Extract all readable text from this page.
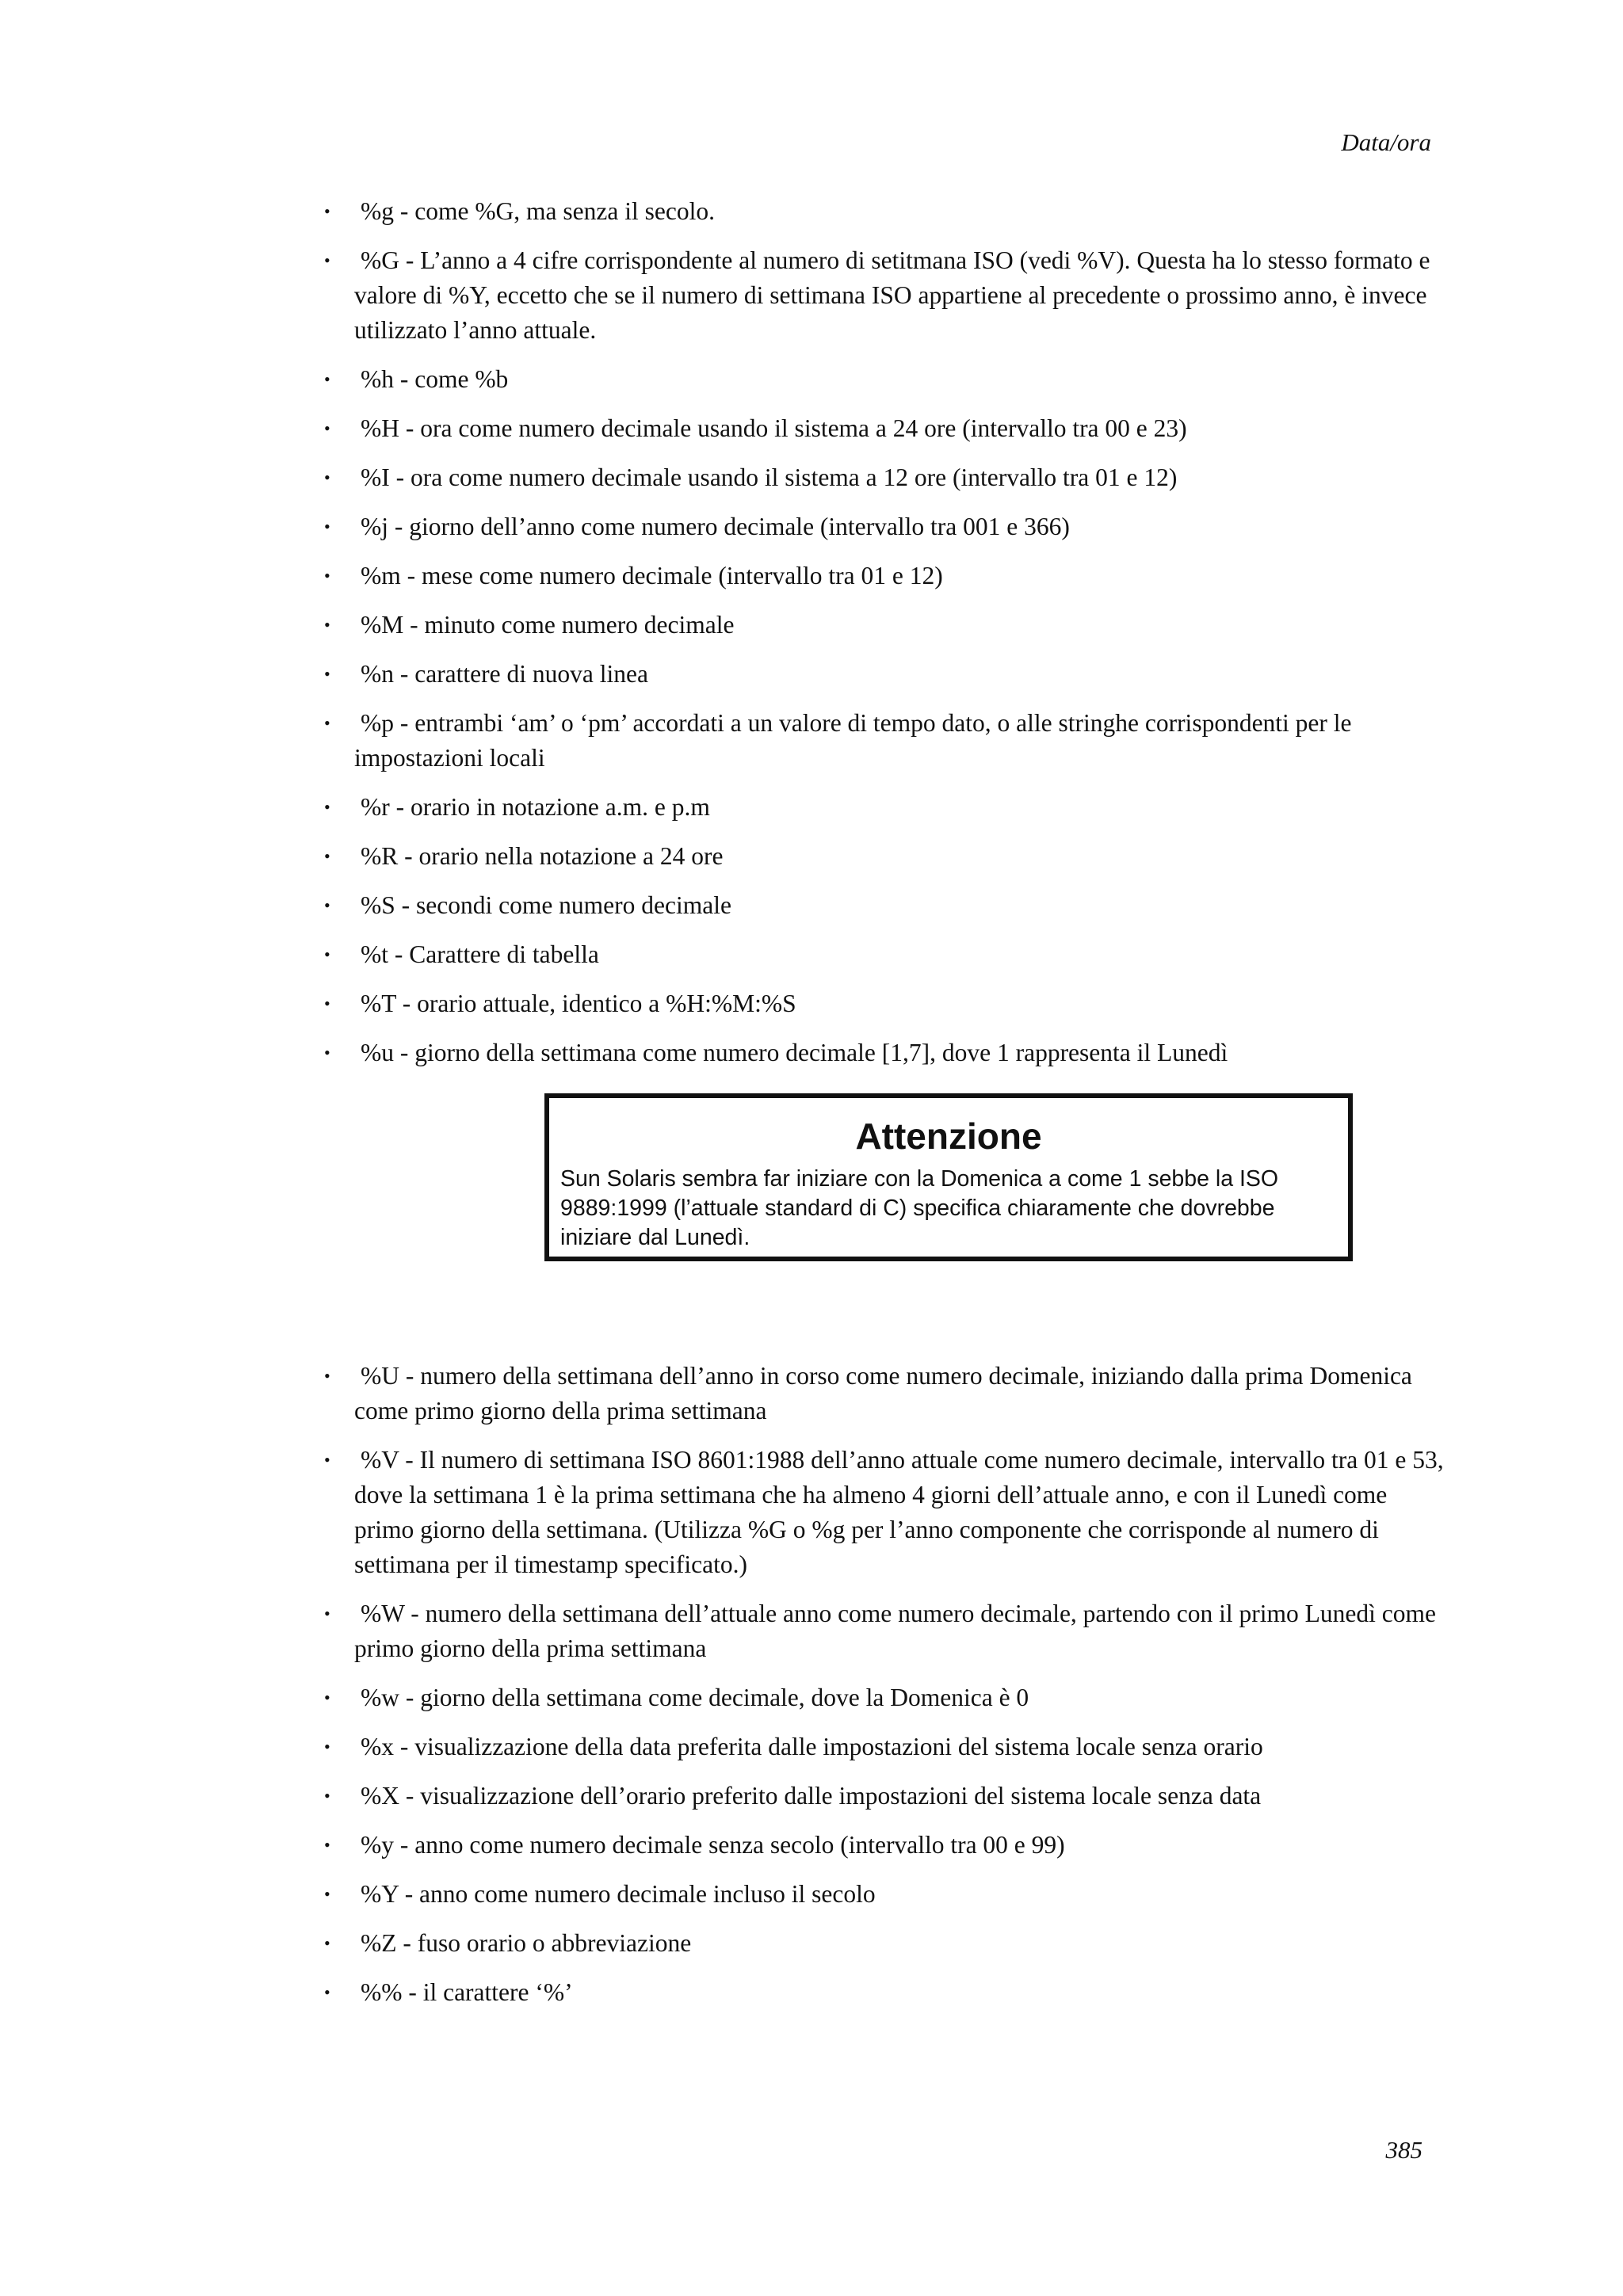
Data/ora
• %g - come %G, ma senza il secolo.
• %G - L’anno a 4 cifre corrispondente al numero di setitmana ISO (vedi %V). Questa ha lo stesso formato e valore di %Y, eccetto che se il numero di settimana ISO appartiene al precedente o prossimo anno, è invece utilizzato l’anno attuale.
• %h - come %b
• %H - ora come numero decimale usando il sistema a 24 ore (intervallo tra 00 e 23)
• %I - ora come numero decimale usando il sistema a 12 ore (intervallo tra 01 e 12)
• %j - giorno dell’anno come numero decimale (intervallo tra 001 e 366)
• %m - mese come numero decimale (intervallo tra 01 e 12)
• %M - minuto come numero decimale
• %n - carattere di nuova linea
• %p - entrambi ‘am’ o ‘pm’ accordati a un valore di tempo dato, o alle stringhe corrispondenti per le impostazioni locali
• %r - orario in notazione a.m. e p.m
• %R - orario nella notazione a 24 ore
• %S - secondi come numero decimale
• %t - Carattere di tabella
• %T - orario attuale, identico a %H:%M:%S
• %u - giorno della settimana come numero decimale [1,7], dove 1 rappresenta il Lunedì
Attenzione
Sun Solaris sembra far iniziare con la Domenica a come 1 sebbe la ISO 9889:1999 (l’attuale standard di C) specifica chiaramente che dovrebbe iniziare dal Lunedì.
• %U - numero della settimana dell’anno in corso come numero decimale, iniziando dalla prima Domenica come primo giorno della prima settimana
• %V - Il numero di settimana ISO 8601:1988 dell’anno attuale come numero decimale, intervallo tra 01 e 53, dove la settimana 1 è la prima settimana che ha almeno 4 giorni dell’attuale anno, e con il Lunedì come primo giorno della settimana. (Utilizza %G o %g per l’anno componente che corrisponde al numero di settimana per il timestamp specificato.)
• %W - numero della settimana dell’attuale anno come numero decimale, partendo con il primo Lunedì come primo giorno della prima settimana
• %w - giorno della settimana come decimale, dove la Domenica è 0
• %x - visualizzazione della data preferita dalle impostazioni del sistema locale senza orario
• %X - visualizzazione dell’orario preferito dalle impostazioni del sistema locale senza data
• %y - anno come numero decimale senza secolo (intervallo tra 00 e 99)
• %Y - anno come numero decimale incluso il secolo
• %Z - fuso orario o abbreviazione
• %% - il carattere ‘%’
385
